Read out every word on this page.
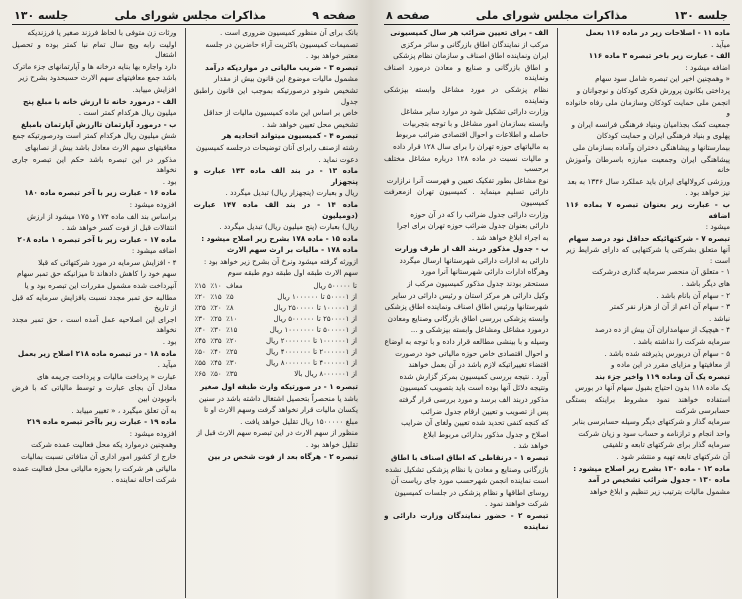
صفحه ۹
مذاکرات مجلس شورای ملی
جلسه ۱۳۰

بانک برای آن منظور کمیسیون ضروری است .

تصمیمات کمیسیون باکثریت آراء حاضرین در جلسه

معتبر خواهد بود .

تبصره ۳ - ضریب مالیاتی در مواردیکه درآمد

مشمول مالیات موضوع این قانون بیش از مقدار

تشخیص شودو درصورتیکه بموجب این قانون راطبق جدول

خاص بر اساس این ماده کمیسیون مالیات از حداقل

تشخیص محل تعیین خواهد شد .

تبصره ۴ - کمیسیون میتواند اتحادیه هر

رشته ازصنف رابرای آنان توضیحات درجلسه کمیسیون

دعوت نماید .

ماده ۱۳ - در بند الف ماده ۱۴۳ عبارت و پنجهزار

ریال و بعبارت (پنجهزار ریال) تبدیل میگردد .

ماده ۱۴ - در بند الف ماده ۱۴۷ عبارت (دومیلیون

ریال) بعبارت (پنج میلیون ریال) تبدیل میگردد .

ماده ۱۵ - ماده ۱۷۸ بشرح زیر اصلاح میشود :

ماده ۱۷۸ - مالیات بر ارث سهم الارث

ازورثه گرفته میشود ونرخ آن بشرح زیر خواهد بود :

سهم الارث طبقه اول طبقه دوم طبقه سوم

تا ۵۰۰۰۰۰ ریال	معاف	٪۱۰	٪۱۵
از ۵۰۰۰۰۱ تا ۱۰۰۰۰۰۰ ریال	٪۵	٪۱۵	٪۲۰
از ۱۰۰۰۰۰۱ تا ۲۵۰۰۰۰۰ ریال	٪۸	٪۲۰	٪۲۵
از ۲۵۰۰۰۰۱ تا ۵۰۰۰۰۰۰ ریال	٪۱۰	٪۲۵	٪۳۰
از ۵۰۰۰۰۰۱ تا ۱۰۰۰۰۰۰۰ ریال	٪۱۵	٪۳۰	٪۴۰
از ۱۰۰۰۰۰۰۱ تا ۲۰۰۰۰۰۰۰ ریال	٪۲۰	٪۳۵	٪۴۵
از ۲۰۰۰۰۰۰۱ تا ۴۰۰۰۰۰۰۰ ریال	٪۲۵	٪۴۰	٪۵۰
از ۴۰۰۰۰۰۰۱ تا ۸۰۰۰۰۰۰۰ ریال	٪۳۰	٪۴۵	٪۵۵
از ۸۰۰۰۰۰۰۱ ریال بالا	٪۳۵	٪۵۰	٪۶۵

تبصره ۱ - در صورتیکه وارث طبقه اول صغیر

باشد یا منحصراً بتحصیل اشتغال داشته باشد در سنین

یکسان مالیات قرار نخواهد گرفت وسهم الارث او تا

مبلغ ۱۵۰۰۰۰۰ ریال تقلیل خواهد یافت .

منظور از سهم الارث در این تبصره سهم الارث قبل از

تقلیل خواهد بود .

تبصره ۲ - هرگاه بعد از فوت شخص در بین

ورثات زن متوفی با لحاظ فرزند صغیر یا فرزندیکه

اولیت رابه ویچ سال تمام نبا کمتر بوده و تحصیل اشتغال

دارد واجاره بها بنایه درخانه ها و آپارتمانهای جزء ماترک

باشد جمع معافیتهای سهم الارث حسبحدود بشرح زیر

افزایش مییابد.

الف - درمورد خانه تا ارزش خانه با مبلغ پنج

میلیون ریال هرکدام کمتر است .

ب - درمورد آپارتمان تاارزش آپارتمان بامبلغ

شش میلیون ریال هرکدام کمتر است ودرصورتیکه جمع

معافیتهای سهم الارث معادل باشد بیش از نصابهای

مذکور در این تبصره باشد حکم این تبصره جاری نخواهد

بود .

ماده ۱۶ - عبارت زیر با آخر تبصره ماده ۱۸۰

افزوده میشود :

براساس بند الف ماده ۱۷۴ و ۱۷۵ میشود از ارزش

انتقالات قبل از فوت کسر خواهد شد .

ماده ۱۷ - عبارت زیر با آخر تبصره ۱ ماده ۲۰۸

اضافه میشود :

۴ - افزایش سرمایه در مورد شرکتهائی که قبلا

سهم خود را کاهش دادهاند تا میزانیکه حق تمبر سهام

آنپرداخت شده مشمول مقررات این تبصره بود و یا

مطالبه حق تمبر مجدد نسبت بافزایش سرمایه که قبل از تاریخ

اجرای این اصلاحیه عمل آمده است ، حق تمبر مجدد نخواهد

بود .

ماده ۱۸ - در تبصره ماده ۲۱۸ اصلاح زیر بعمل

میآید .

عبارت « پرداخت مالیات و پرداخت جریمه های

معادل آن بجای عبارت و توسط مالیاتی که با فرض بانوبودن ابین

به آن تعلق میگیرد ، « تغییر مییابد .

ماده ۱۹ - عبارت زیر باآخر تبصره ماده ۲۱۹

افزوده میشود :

وهمچنین درموارد یکه محل فعالیت عمده شرکت

خارج از کشور امور اداری آن منافاتی نسبت بمالیات

مالیاتی هر شرکت را بحوزه مالیاتی محل فعالیت عمده

شرکت احاله نماینده .

جلسه ۱۳۰
مذاکرات مجلس شورای ملی
صفحه ۸

ماده ۱۱ - اصلاحات زیر در ماده ۱۱۶ بعمل

میآید .

الف - عبارت زیر باخر تبصره ۳ ماده ۱۱۶

اضافه میشود :

« وهمچنین اخیر این تبصره شامل سود سهام

پرداختی بکانون پرورش فکری کودکان و نوجوانان و

انجمن ملی حمایت کودکان وسازمان ملی رفاه خانواده و

جمعیت کمک بجذامیان وبنیاد فرهنگی فرانسه ایران و

پهلوی و بنیاد فرهنگی ایران و حمایت کودکان

بیمارستانها و پیشاهنگی دختران وآماده بسازمان ملی

پیشاهنگی ایران وجمعیت مبارزه باسرطان وآموزش خانه

ورزشی کرولالهای ایران باید عملکرد سال ۱۳۴۶ به بعد

نیز خواهد بود .

ب - عبارت زیر بعنوان تبصره ۷ بماده ۱۱۶ اضافه

میشود :

تبصره ۷ - شرکتهائیکه حداقل نود درصد سهام

آنها متعلق بشرکتی یا شرکتهایی که دارای شرایط زیر است :

۱ - متعلق آن منحصر سرمایه گذاری درشرکت

های دیگر باشد .

۲ - سهام آن بانام باشد .

۳ - سهام آن اعم از آن از هزار نفر کمتر

نباشد .

۴ - هیچیک از سهامداران آن بیش از ده درصد

سرمایه شرکت را نداشته باشد .

۵ - سهام آن دربورس پذیرفته شده باشد .

از معافیتها و مزایای مقرر در این ماده و

تبصره یک آن وماده ۱۱۹ واخیر جزء بند

یک ماده ۱۱۸ بدون احتیاج بقبول سهام آنها در بورس

استفاده خواهند نمود مشروط براینکه بستگی حسابرسی شرکت

سرمایه گذار و شرکتهای دیگر وسیله حسابرسی بنابر

واحد انجام و ترازنامه و حساب سود و زیان شرکت

سرمایه گذار برای شرکتهای تابعه و تلفیقی

آن شرکتهای تابعه تهیه و منتشر شود .

ماده ۱۲ - ماده ۱۳۰ بشرح زیر اصلاح میشود :

ماده ۱۳۰ - جدول ضرائب تشخیص در آمد

مشمول مالیات بترتیب زیر تنظیم و ابلاغ خواهد

الف - برای تعیین ضرائب هر سال کمیسیونی

مرکب از نمایندگان اطاق بازرگانی و سائر مرکزی

ایران ونماینده اطاق اصناف و سازمان نظام پزشکی

و اطاق بازرگانی و صنایع و معادن درمورد اصناف ونماینده

نظام پزشکی در مورد مشاغل وابسته بپزشکی ونماینده

وزارت دارائی تشکیل شود در موارد سایر مشاغل

وابسته بسازمان امور مشاغل و با توجه بتجربیات

حاصله و اطلاعات و احوال اقتصادی ضرائب مربوط

به مالیاتهای حوزه تهران را برای سال ۱۲۸ قرار داده

و مالیات نسبت در ماده ۱۲۸ درباره مشاغل مختلف برحسب

نوع مشاغل بطور تفکیک تعیین و فهرست آنرا نرازارت

دارائی تسلیم مینماید . کمیسیون تهران ازمعرفت کمیسیون

وزارت دارائی جدول ضرائب را که در آن حوزه

دارائی بعنوان جدول ضرائب حوزه تهران برای اجرا

به اجراء ابلاغ خواهد شد .

ب - جدول مذکور دربند الف از طرف وزارت

دارائی به ادارات دارائی شهرستانها ارسال میگردد

وهرگاه ادارات دارائی شهرستانها آنرا مورد

مستحقر بودند جدول مذکور کمیسیون مرکب از

وکیل دارائی هر مرکز استان و رئیس دارائی در سایر

شهرستانها ورئیس اطاق اصناف ونماینده اطاق پزشکی

وابسته پزشکی بررسی اطاق بازرگانی وصنایع ومعادن

درمورد مشاغل ومشاغل وابسته بپزشکی و ...

وسیله و با بینشی مطالعه قرار داده و با توجه به اوضاع

و احوال اقتصادی خاص حوزه مالیاتی خود درصورت

اقتضاء تغییراتیکه لازم باشد در آن بعمل خواهند

آورد . نتیجه بررسی کمیسیون بمرکز گزارش شده

ونتیجه دلائل آنها بوده است باید بتصویب کمیسیون

مذکور دربند الف برسد و مورد بررسی قرار گرفته

پس از تصویب و تعیین ارقام جدول ضرائب

که کنجه کنفی تحدید شده تعیین ولغای آن ضرایب

اصلاح و جدول مذکور بدارائی مربوط ابلاغ

خواهد شد .

تبصره ۱ - درنقاطی که اطاق اصناف با اطاق

بازرگانی وصنایع و معادن یا نظام پزشکی تشکیل نشده

است نماینده انجمن شهرحسب مورد جای ریاست آن

روسای اطاقها و نظام پزشکی در جلسات کمیسیون

شرکت خواهند نمود .

تبصره ۲ - حضور نمایندگان وزارت دارائی و نماینده
